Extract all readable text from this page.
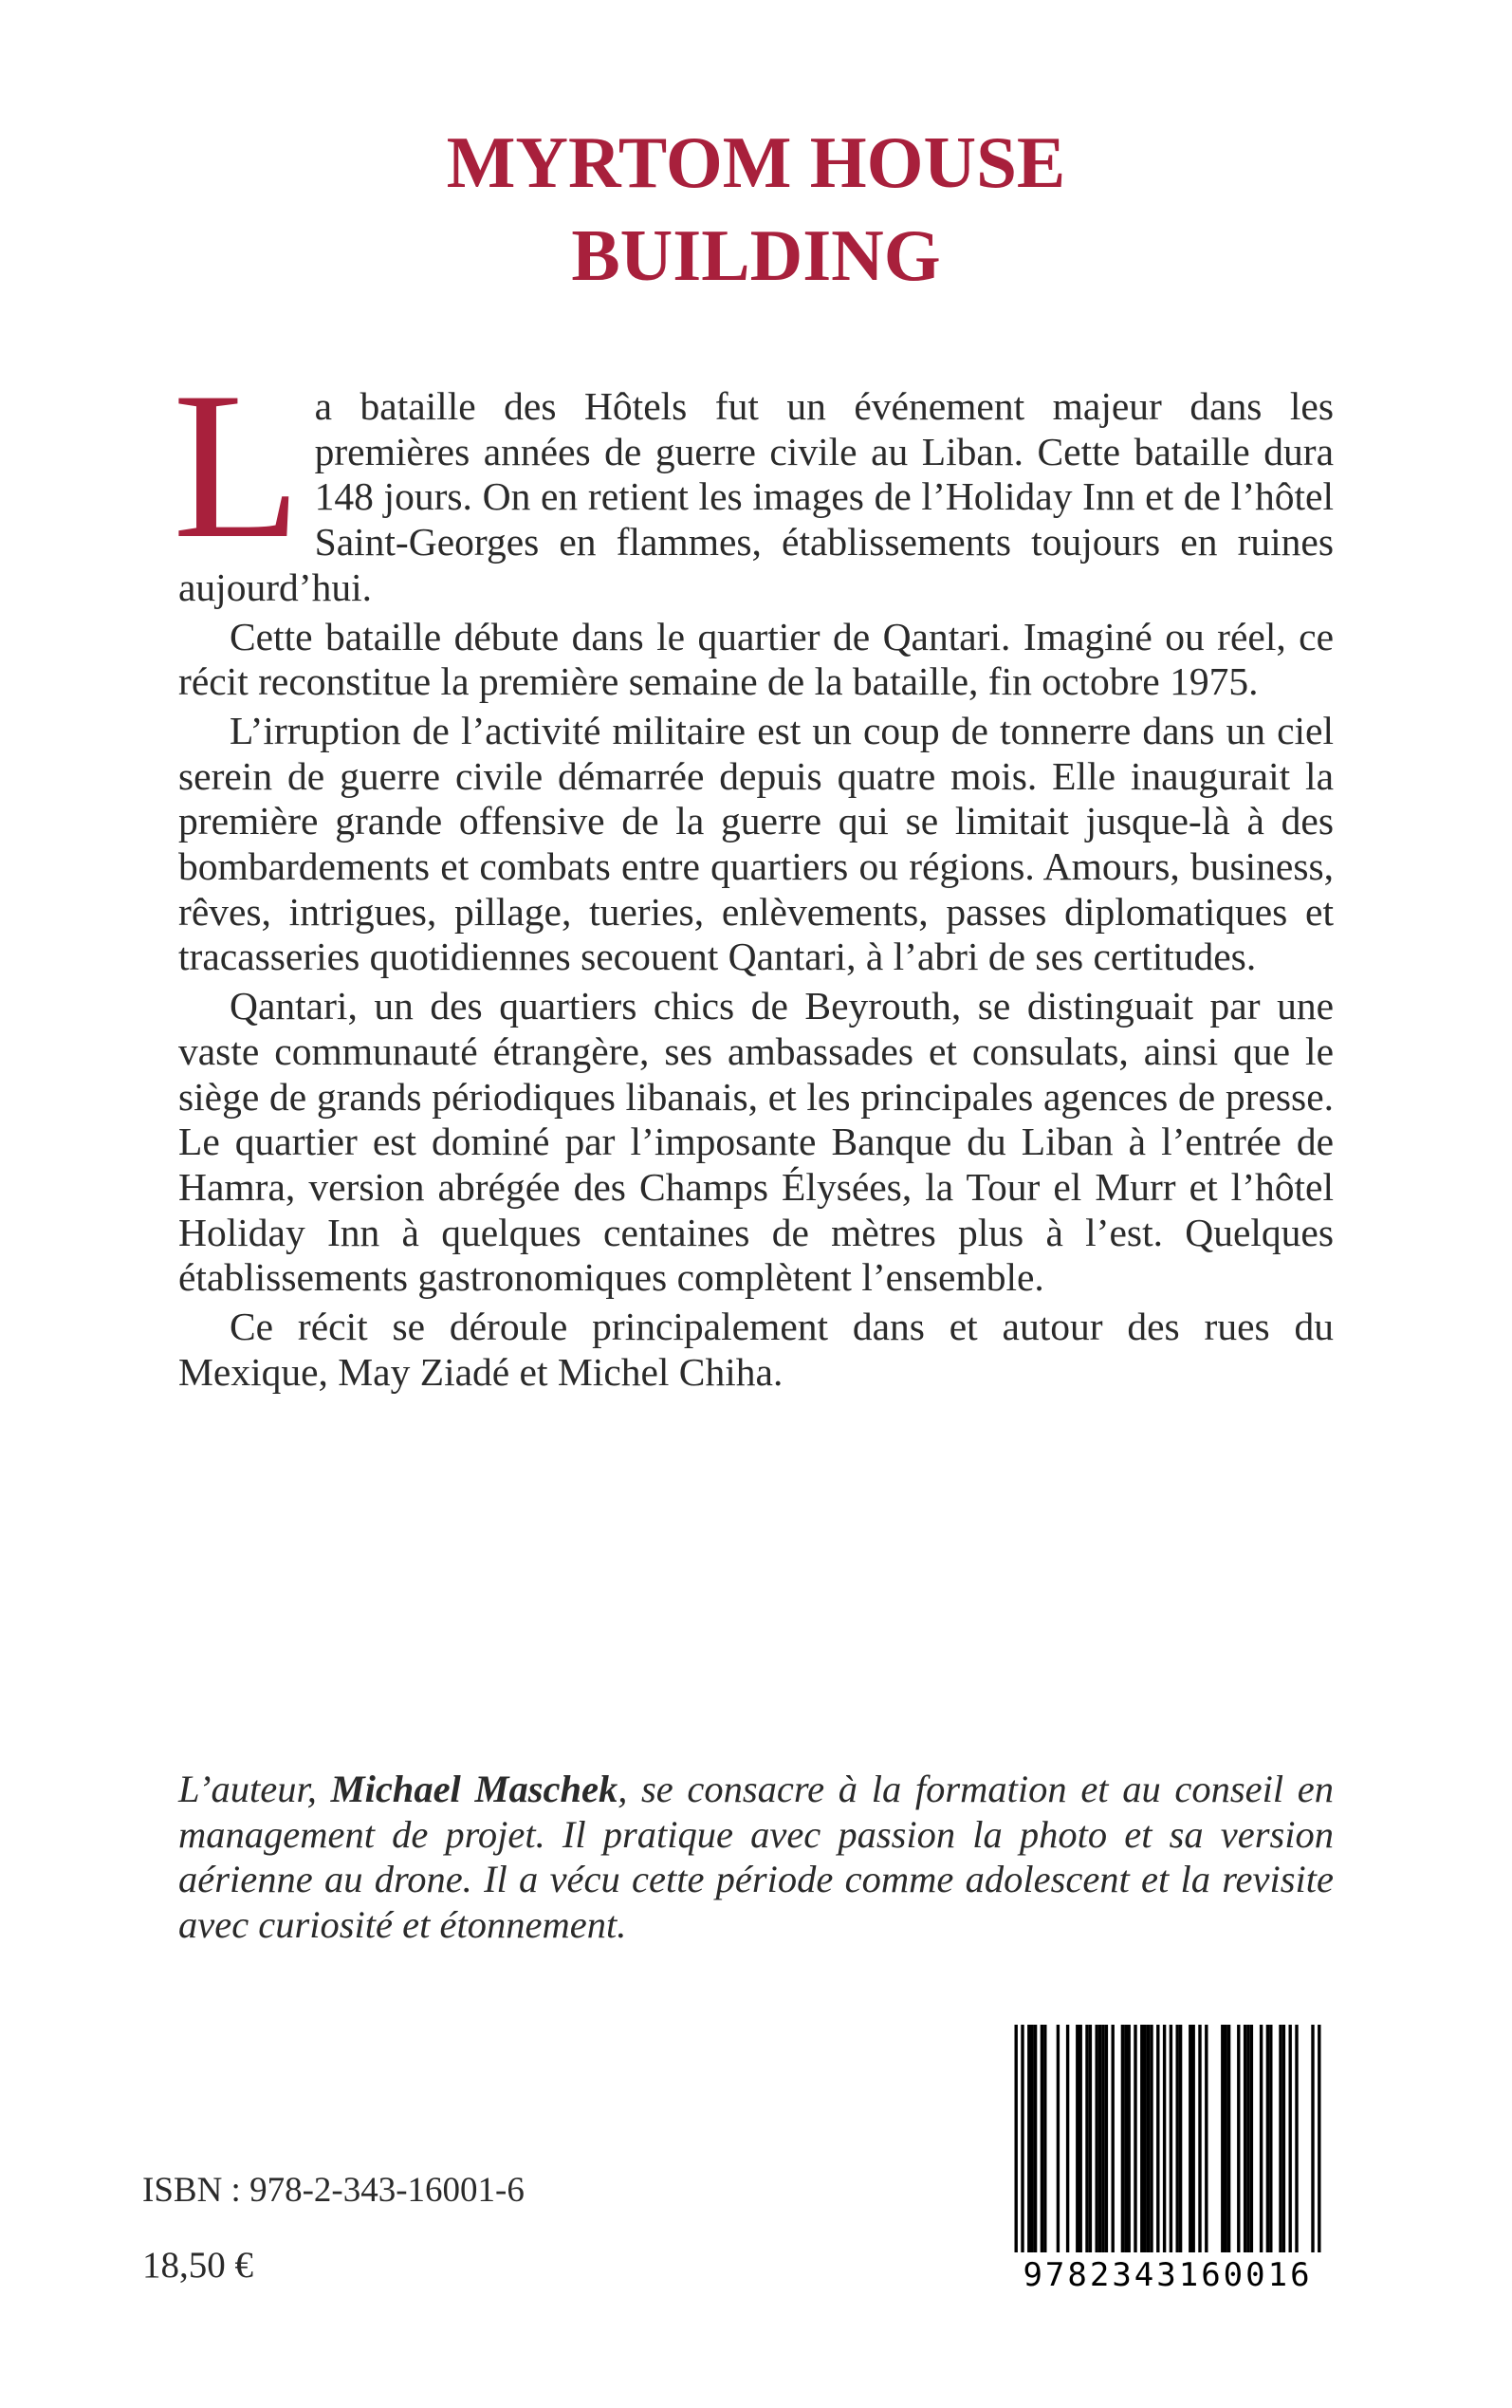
MYRTOM HOUSE
BUILDING

La bataille des Hôtels fut un événement majeur dans les premières années de guerre civile au Liban. Cette bataille dura 148 jours. On en retient les images de l’Holiday Inn et de l’hôtel Saint-Georges en flammes, établissements toujours en ruines aujourd’hui.

Cette bataille débute dans le quartier de Qantari. Imaginé ou réel, ce récit reconstitue la première semaine de la bataille, fin octobre 1975.

L’irruption de l’activité militaire est un coup de tonnerre dans un ciel serein de guerre civile démarrée depuis quatre mois. Elle inaugurait la première grande offensive de la guerre qui se limitait jusque-là à des bombardements et combats entre quartiers ou régions. Amours, business, rêves, intrigues, pillage, tueries, enlèvements, passes diplomatiques et tracasseries quotidiennes secouent Qantari, à l’abri de ses certitudes.

Qantari, un des quartiers chics de Beyrouth, se distinguait par une vaste communauté étrangère, ses ambassades et consulats, ainsi que le siège de grands périodiques libanais, et les principales agences de presse. Le quartier est dominé par l’imposante Banque du Liban à l’entrée de Hamra, version abrégée des Champs Élysées, la Tour el Murr et l’hôtel Holiday Inn à quelques centaines de mètres plus à l’est. Quelques établissements gastronomiques complètent l’ensemble.

Ce récit se déroule principalement dans et autour des rues du Mexique, May Ziadé et Michel Chiha.

L’auteur, Michael Maschek, se consacre à la formation et au conseil en management de projet. Il pratique avec passion la photo et sa version aérienne au drone. Il a vécu cette période comme adolescent et la revisite avec curiosité et étonnement.

ISBN : 978-2-343-16001-6

18,50 €	9782343160016
